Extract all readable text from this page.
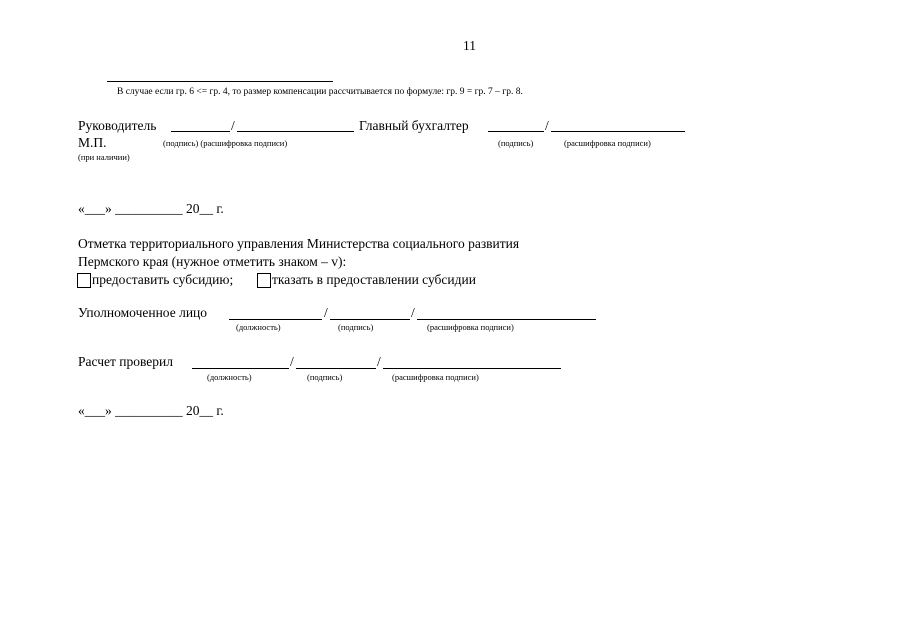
11
В случае если гр. 6 <= гр. 4, то размер компенсации рассчитывается по формуле: гр. 9 = гр. 7 – гр. 8.
Руководитель	/
М.П.	(подпись) (расшифровка подписи)
(при наличии)
Главный бухгалтер	/
(подпись)	(расшифровка подписи)
«___» __________ 20__ г.
Отметка территориального управления Министерства социального развития
Пермского края (нужное отметить знаком – v):
предоставить субсидию;	тказать в предоставлении субсидии
Уполномоченное лицо	/	/
(должность)	(подпись)	(расшифровка подписи)
Расчет проверил	/	/
(должность)	(подпись)	(расшифровка подписи)
«___» __________ 20__ г.
